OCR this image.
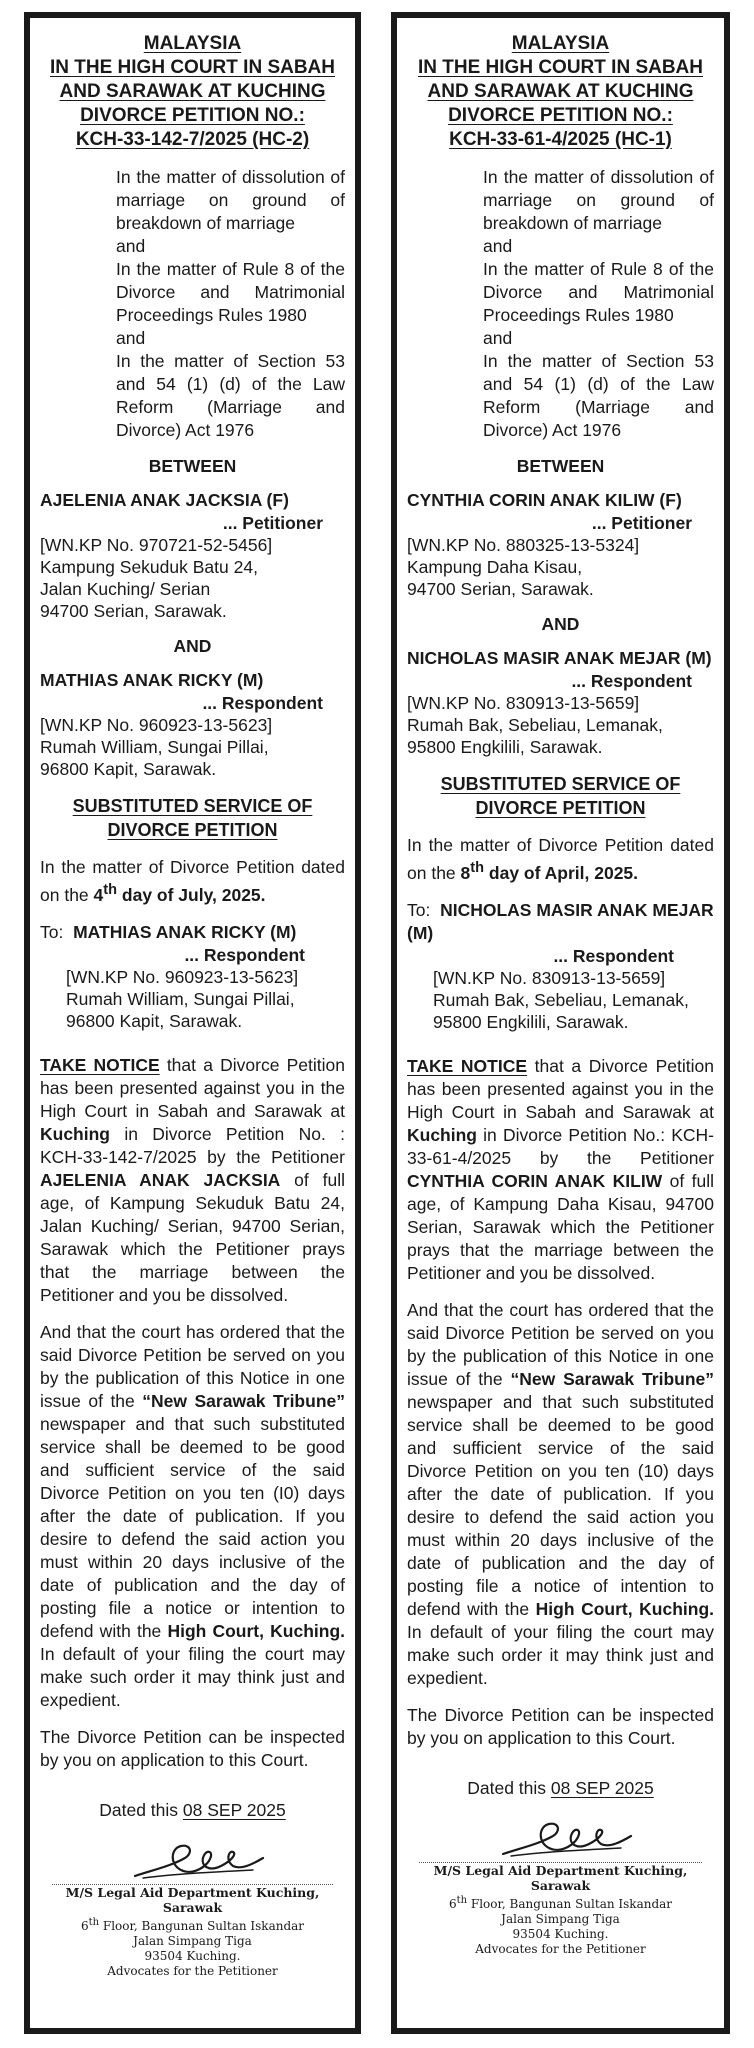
MALAYSIA
IN THE HIGH COURT IN SABAH
AND SARAWAK AT KUCHING
DIVORCE PETITION NO.:
KCH-33-142-7/2025 (HC-2)
In the matter of dissolution of marriage on ground of breakdown of marriage
and
In the matter of Rule 8 of the Divorce and Matrimonial Proceedings Rules 1980
and
In the matter of Section 53 and 54 (1) (d) of the Law Reform (Marriage and Divorce) Act 1976
BETWEEN
AJELENIA ANAK JACKSIA (F)
... Petitioner
[WN.KP No. 970721-52-5456]
Kampung Sekuduk Batu 24,
Jalan Kuching/ Serian
94700 Serian, Sarawak.
AND
MATHIAS ANAK RICKY (M)
... Respondent
[WN.KP No. 960923-13-5623]
Rumah William, Sungai Pillai,
96800 Kapit, Sarawak.
SUBSTITUTED SERVICE OF
DIVORCE PETITION
In the matter of Divorce Petition dated on the 4th day of July, 2025.
To: MATHIAS ANAK RICKY (M)
... Respondent
[WN.KP No. 960923-13-5623]
Rumah William, Sungai Pillai,
96800 Kapit, Sarawak.
TAKE NOTICE that a Divorce Petition has been presented against you in the High Court in Sabah and Sarawak at Kuching in Divorce Petition No. : KCH-33-142-7/2025 by the Petitioner AJELENIA ANAK JACKSIA of full age, of Kampung Sekuduk Batu 24, Jalan Kuching/ Serian, 94700 Serian, Sarawak which the Petitioner prays that the marriage between the Petitioner and you be dissolved.
And that the court has ordered that the said Divorce Petition be served on you by the publication of this Notice in one issue of the “New Sarawak Tribune” newspaper and that such substituted service shall be deemed to be good and sufficient service of the said Divorce Petition on you ten (I0) days after the date of publication. If you desire to defend the said action you must within 20 days inclusive of the date of publication and the day of posting file a notice or intention to defend with the High Court, Kuching. In default of your filing the court may make such order it may think just and expedient.
The Divorce Petition can be inspected by you on application to this Court.
Dated this 08 SEP 2025
M/S Legal Aid Department Kuching, Sarawak
6th Floor, Bangunan Sultan Iskandar
Jalan Simpang Tiga
93504 Kuching.
Advocates for the Petitioner
MALAYSIA
IN THE HIGH COURT IN SABAH
AND SARAWAK AT KUCHING
DIVORCE PETITION NO.:
KCH-33-61-4/2025 (HC-1)
In the matter of dissolution of marriage on ground of breakdown of marriage
and
In the matter of Rule 8 of the Divorce and Matrimonial Proceedings Rules 1980
and
In the matter of Section 53 and 54 (1) (d) of the Law Reform (Marriage and Divorce) Act 1976
BETWEEN
CYNTHIA CORIN ANAK KILIW (F)
... Petitioner
[WN.KP No. 880325-13-5324]
Kampung Daha Kisau,
94700 Serian, Sarawak.
AND
NICHOLAS MASIR ANAK MEJAR (M)
... Respondent
[WN.KP No. 830913-13-5659]
Rumah Bak, Sebeliau, Lemanak,
95800 Engkilili, Sarawak.
SUBSTITUTED SERVICE OF
DIVORCE PETITION
In the matter of Divorce Petition dated on the 8th day of April, 2025.
To: NICHOLAS MASIR ANAK MEJAR (M)
... Respondent
[WN.KP No. 830913-13-5659]
Rumah Bak, Sebeliau, Lemanak,
95800 Engkilili, Sarawak.
TAKE NOTICE that a Divorce Petition has been presented against you in the High Court in Sabah and Sarawak at Kuching in Divorce Petition No.: KCH-33-61-4/2025 by the Petitioner CYNTHIA CORIN ANAK KILIW of full age, of Kampung Daha Kisau, 94700 Serian, Sarawak which the Petitioner prays that the marriage between the Petitioner and you be dissolved.
And that the court has ordered that the said Divorce Petition be served on you by the publication of this Notice in one issue of the “New Sarawak Tribune” newspaper and that such substituted service shall be deemed to be good and sufficient service of the said Divorce Petition on you ten (10) days after the date of publication. If you desire to defend the said action you must within 20 days inclusive of the date of publication and the day of posting file a notice of intention to defend with the High Court, Kuching. In default of your filing the court may make such order it may think just and expedient.
The Divorce Petition can be inspected by you on application to this Court.
Dated this 08 SEP 2025
M/S Legal Aid Department Kuching, Sarawak
6th Floor, Bangunan Sultan Iskandar
Jalan Simpang Tiga
93504 Kuching.
Advocates for the Petitioner
